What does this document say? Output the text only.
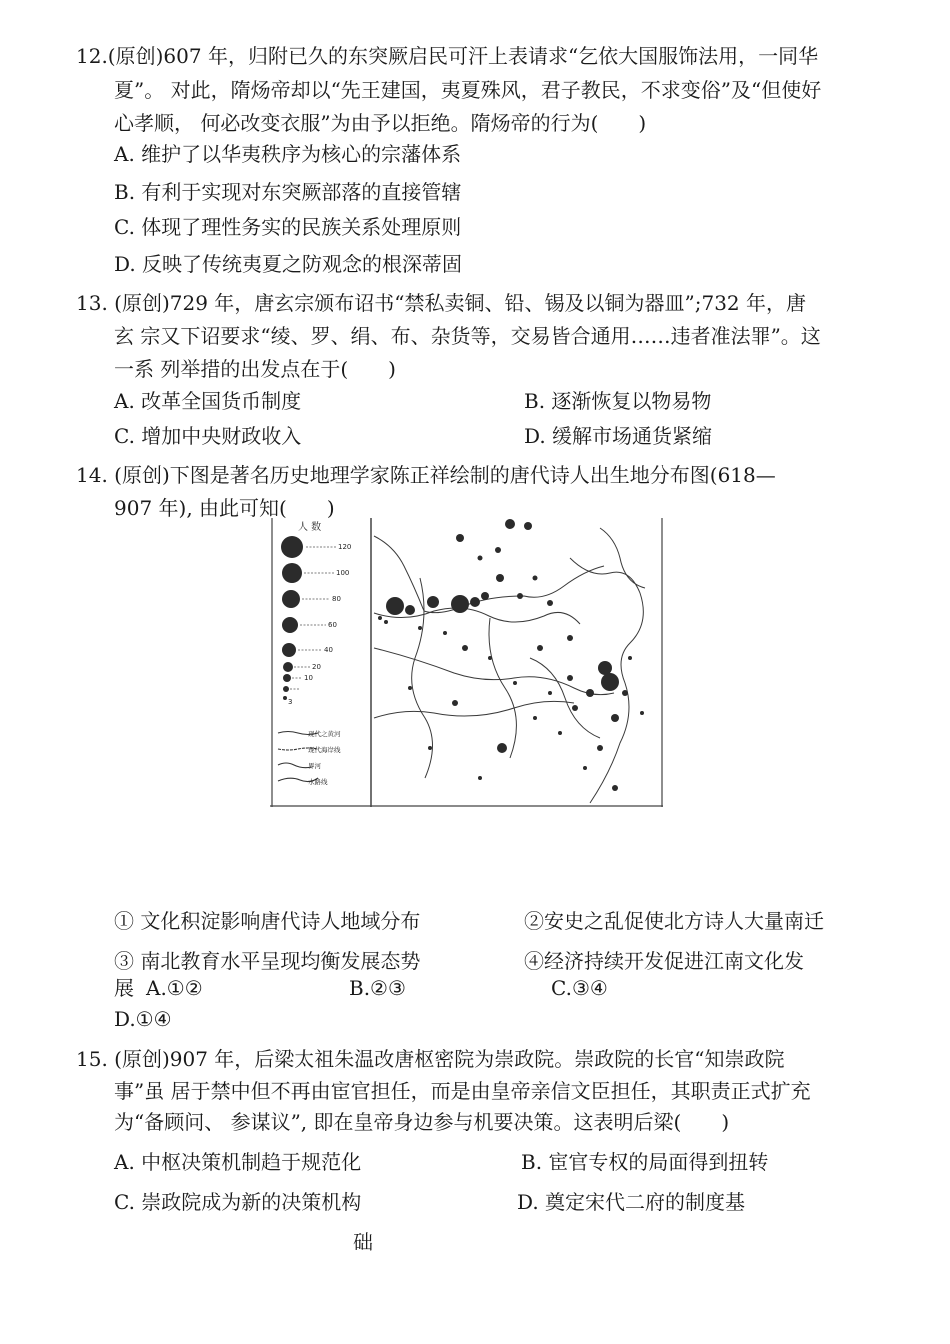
12.(原创)607 年，归附已久的东突厥启民可汗上表请求“乞依大国服饰法用，一同华
夏”。 对此，隋炀帝却以“先王建国，夷夏殊风，君子教民，不求变俗”及“但使好
心孝顺， 何必改变衣服”为由予以拒绝。隋炀帝的行为(　　)
A. 维护了以华夷秩序为核心的宗藩体系
B. 有利于实现对东突厥部落的直接管辖
C. 体现了理性务实的民族关系处理原则
D. 反映了传统夷夏之防观念的根深蒂固
13. (原创)729 年，唐玄宗颁布诏书“禁私卖铜、铅、锡及以铜为器皿”;732 年，唐
玄 宗又下诏要求“绫、罗、绢、布、杂货等，交易皆合通用……违者准法罪”。这
一系 列举措的出发点在于(　　)
A. 改革全国货币制度	B. 逐渐恢复以物易物
C. 增加中央财政收入	D. 缓解市场通货紧缩
14. (原创)下图是著名历史地理学家陈正祥绘制的唐代诗人出生地分布图(618—
907 年), 由此可知(　　)
人 数
120
100
80
60
40
20
10
3
现代之黄河
现代海岸线
界河
水路线
① 文化积淀影响唐代诗人地域分布	②安史之乱促使北方诗人大量南迁
③ 南北教育水平呈现均衡发展态势	④经济持续开发促进江南文化发
展 A.①②	B.②③	C.③④
D.①④
15. (原创)907 年，后梁太祖朱温改唐枢密院为崇政院。崇政院的长官“知崇政院
事”虽 居于禁中但不再由宦官担任，而是由皇帝亲信文臣担任，其职责正式扩充
为“备顾问、 参谋议”, 即在皇帝身边参与机要决策。这表明后梁(　　)
A. 中枢决策机制趋于规范化	B. 宦官专权的局面得到扭转
C. 崇政院成为新的决策机构	D. 奠定宋代二府的制度基
础
